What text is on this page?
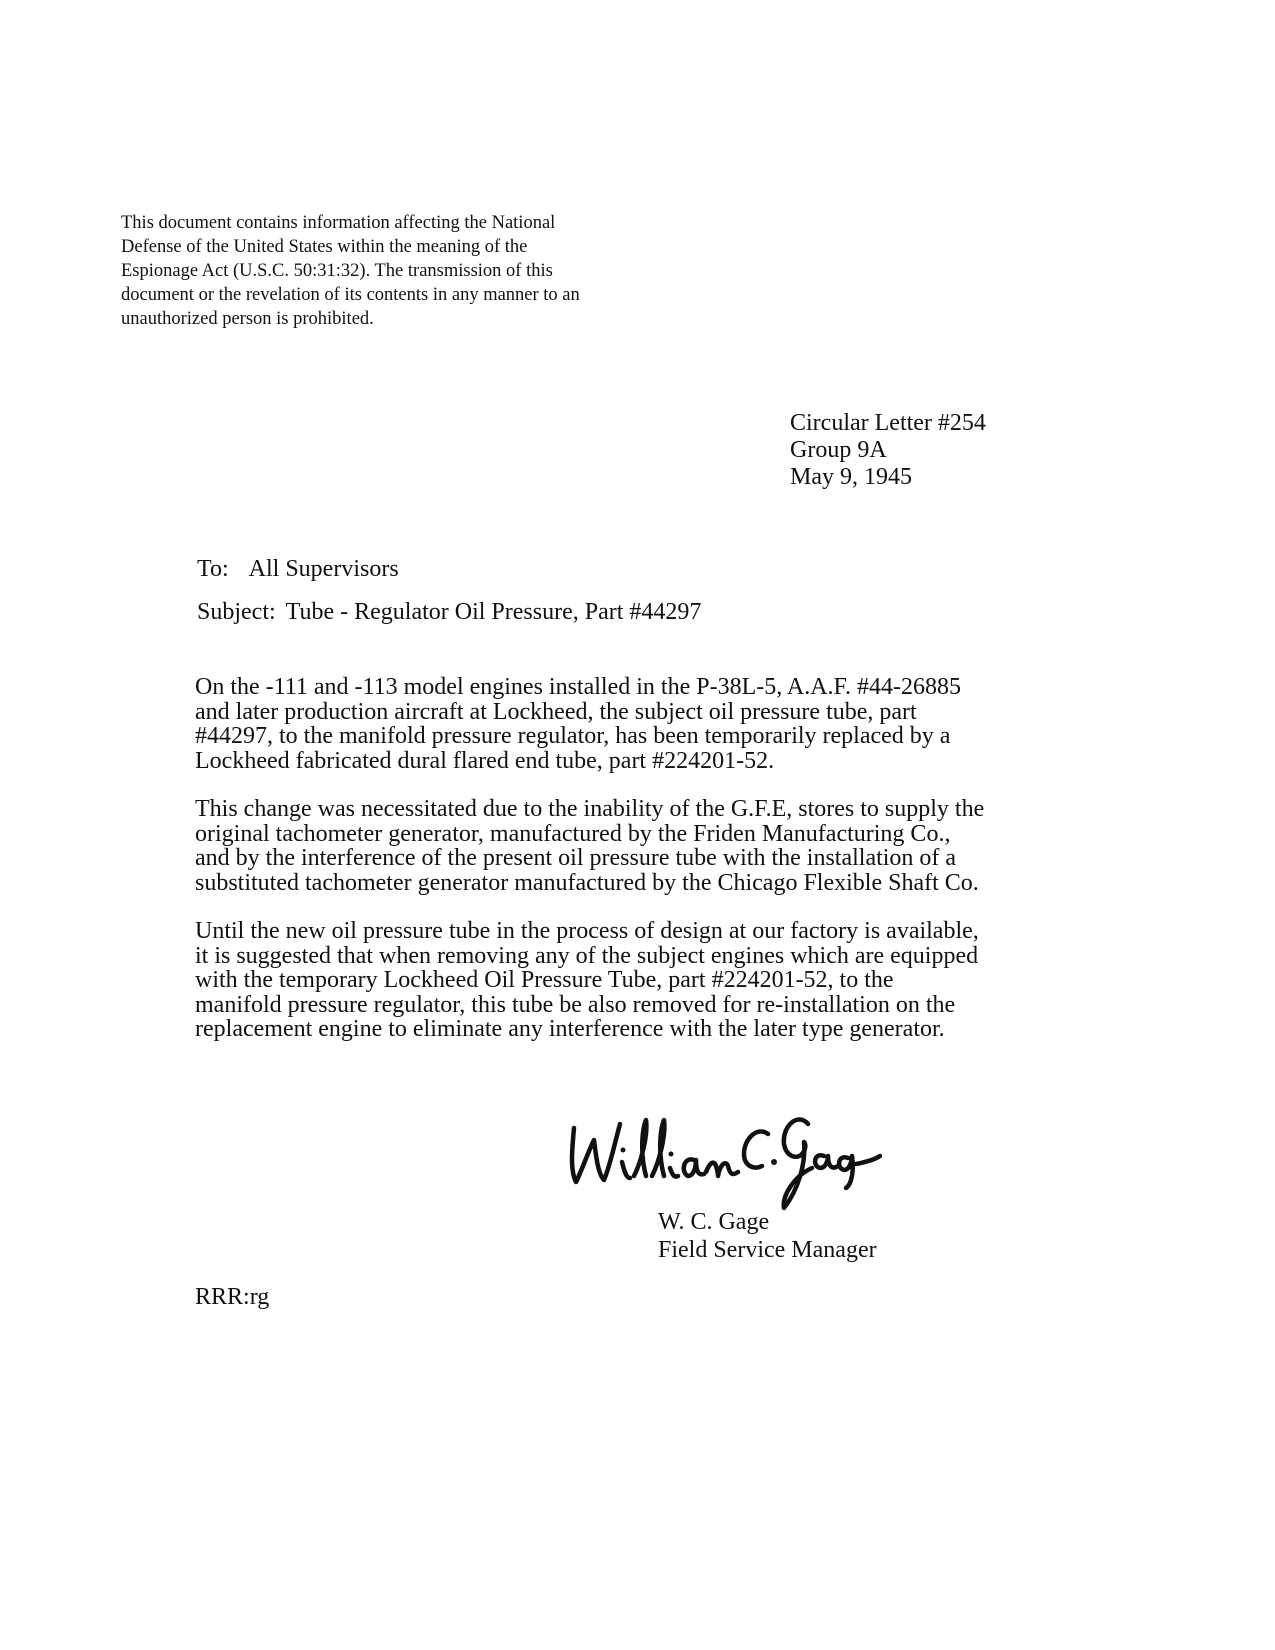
This document contains information affecting the National
Defense of the United States within the meaning of the
Espionage Act (U.S.C. 50:31:32). The transmission of this
document or the revelation of its contents in any manner to an
unauthorized person is prohibited.
Circular Letter #254
Group 9A
May 9, 1945
To: All Supervisors
Subject: Tube - Regulator Oil Pressure, Part #44297
On the -111 and -113 model engines installed in the P-38L-5, A.A.F. #44-26885
and later production aircraft at Lockheed, the subject oil pressure tube, part
#44297, to the manifold pressure regulator, has been temporarily replaced by a
Lockheed fabricated dural flared end tube, part #224201-52.
This change was necessitated due to the inability of the G.F.E, stores to supply the
original tachometer generator, manufactured by the Friden Manufacturing Co.,
and by the interference of the present oil pressure tube with the installation of a
substituted tachometer generator manufactured by the Chicago Flexible Shaft Co.
Until the new oil pressure tube in the process of design at our factory is available,
it is suggested that when removing any of the subject engines which are equipped
with the temporary Lockheed Oil Pressure Tube, part #224201-52, to the
manifold pressure regulator, this tube be also removed for re-installation on the
replacement engine to eliminate any interference with the later type generator.
W. C. Gage
Field Service Manager
RRR:rg
